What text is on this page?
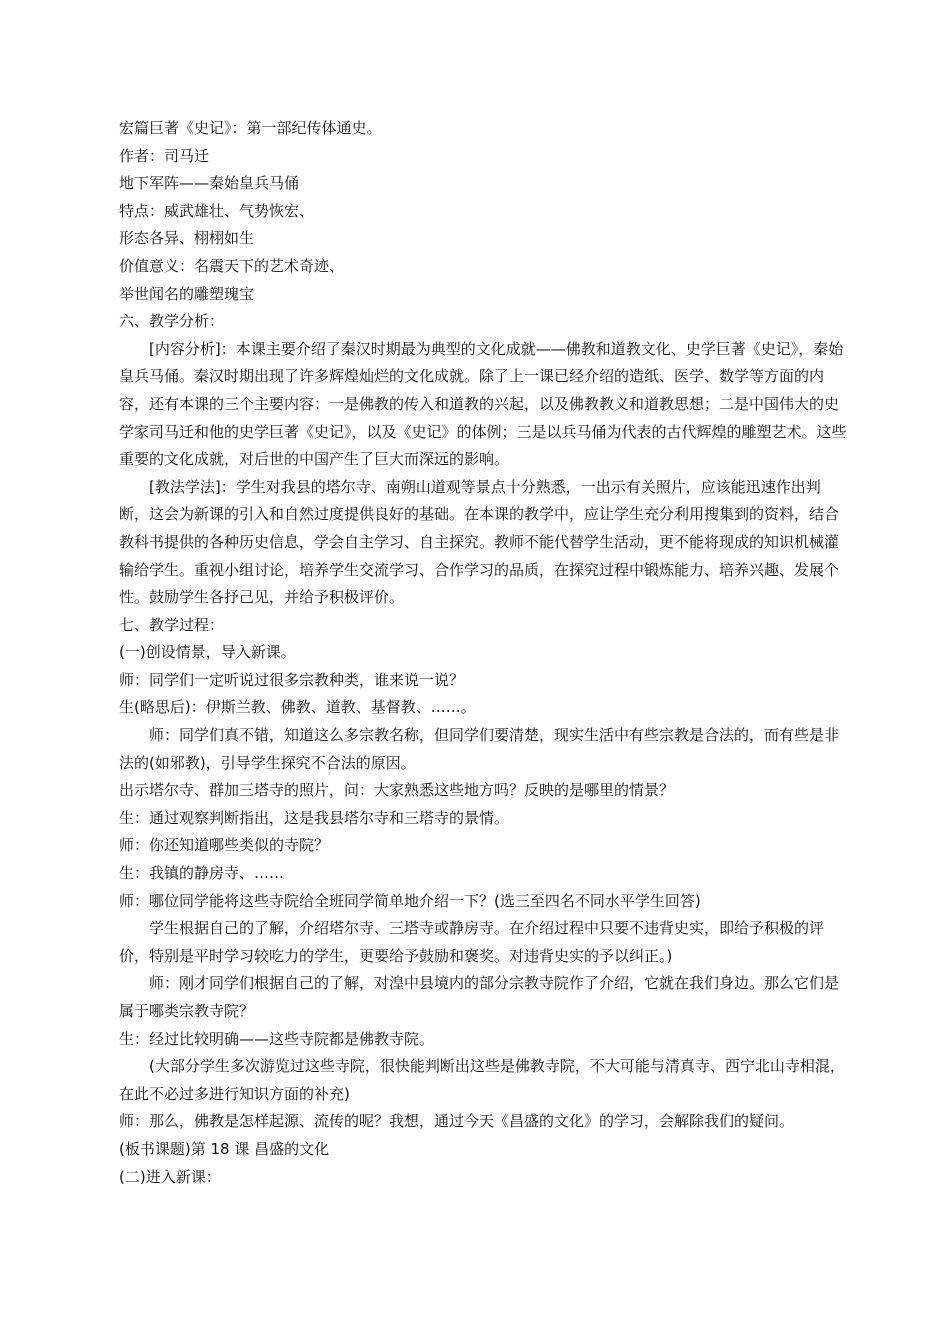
宏篇巨著《史记》：第一部纪传体通史。

作者：司马迁

地下军阵——秦始皇兵马俑

特点：威武雄壮、气势恢宏、

形态各异、栩栩如生

价值意义：名震天下的艺术奇迹、

举世闻名的雕塑瑰宝

六、教学分析：

[内容分析]：本课主要介绍了秦汉时期最为典型的文化成就——佛教和道教文化、史学巨著《史记》，秦始皇兵马俑。秦汉时期出现了许多辉煌灿烂的文化成就。除了上一课已经介绍的造纸、医学、数学等方面的内容，还有本课的三个主要内容：一是佛教的传入和道教的兴起，以及佛教教义和道教思想；二是中国伟大的史学家司马迁和他的史学巨著《史记》，以及《史记》的体例；三是以兵马俑为代表的古代辉煌的雕塑艺术。这些重要的文化成就，对后世的中国产生了巨大而深远的影响。

[教法学法]：学生对我县的塔尔寺、南朔山道观等景点十分熟悉，一出示有关照片，应该能迅速作出判断，这会为新课的引入和自然过度提供良好的基础。在本课的教学中，应让学生充分利用搜集到的资料，结合教科书提供的各种历史信息，学会自主学习、自主探究。教师不能代替学生活动，更不能将现成的知识机械灌输给学生。重视小组讨论，培养学生交流学习、合作学习的品质，在探究过程中锻炼能力、培养兴趣、发展个性。鼓励学生各抒己见，并给予积极评价。

七、教学过程：

(一)创设情景，导入新课。

师：同学们一定听说过很多宗教种类，谁来说一说？

生(略思后)：伊斯兰教、佛教、道教、基督教、……。

师：同学们真不错，知道这么多宗教名称，但同学们要清楚，现实生活中有些宗教是合法的，而有些是非法的(如邪教)，引导学生探究不合法的原因。

出示塔尔寺、群加三塔寺的照片，问：大家熟悉这些地方吗？反映的是哪里的情景？

生：通过观察判断指出，这是我县塔尔寺和三塔寺的景情。

师：你还知道哪些类似的寺院？

生：我镇的静房寺、……

师：哪位同学能将这些寺院给全班同学简单地介绍一下？(选三至四名不同水平学生回答)

学生根据自己的了解，介绍塔尔寺、三塔寺或静房寺。在介绍过程中只要不违背史实，即给予积极的评价，特别是平时学习较吃力的学生，更要给予鼓励和褒奖。对违背史实的予以纠正。)

师：刚才同学们根据自己的了解，对湟中县境内的部分宗教寺院作了介绍，它就在我们身边。那么它们是属于哪类宗教寺院？

生：经过比较明确——这些寺院都是佛教寺院。

(大部分学生多次游览过这些寺院，很快能判断出这些是佛教寺院，不大可能与清真寺、西宁北山寺相混，在此不必过多进行知识方面的补充)

师：那么，佛教是怎样起源、流传的呢？我想，通过今天《昌盛的文化》的学习，会解除我们的疑问。

(板书课题)第 18 课 昌盛的文化

(二)进入新课：
